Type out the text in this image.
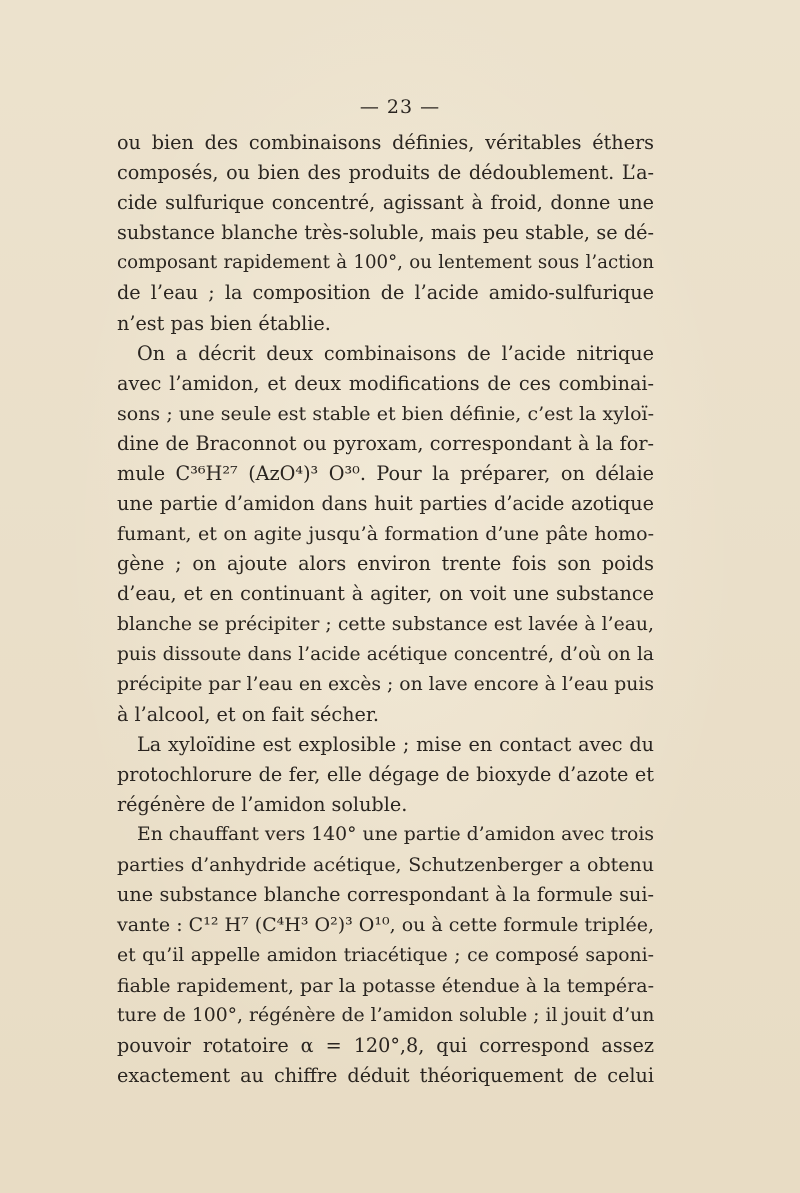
— 23 —
ou bien des combinaisons définies, véritables éthers
composés, ou bien des produits de dédoublement. L’a-
cide sulfurique concentré, agissant à froid, donne une
substance blanche très-soluble, mais peu stable, se dé-
composant rapidement à 100°, ou lentement sous l’action
de l’eau ; la composition de l’acide amido-sulfurique
n’est pas bien établie.
On a décrit deux combinaisons de l’acide nitrique
avec l’amidon, et deux modifications de ces combinai-
sons ; une seule est stable et bien définie, c’est la xyloï-
dine de Braconnot ou pyroxam, correspondant à la for-
mule C³⁶H²⁷ (AzO⁴)³ O³⁰. Pour la préparer, on délaie
une partie d’amidon dans huit parties d’acide azotique
fumant, et on agite jusqu’à formation d’une pâte homo-
gène ; on ajoute alors environ trente fois son poids
d’eau, et en continuant à agiter, on voit une substance
blanche se précipiter ; cette substance est lavée à l’eau,
puis dissoute dans l’acide acétique concentré, d’où on la
précipite par l’eau en excès ; on lave encore à l’eau puis
à l’alcool, et on fait sécher.
La xyloïdine est explosible ; mise en contact avec du
protochlorure de fer, elle dégage de bioxyde d’azote et
régénère de l’amidon soluble.
En chauffant vers 140° une partie d’amidon avec trois
parties d’anhydride acétique, Schutzenberger a obtenu
une substance blanche correspondant à la formule sui-
vante : C¹² H⁷ (C⁴H³ O²)³ O¹⁰, ou à cette formule triplée,
et qu’il appelle amidon triacétique ; ce composé saponi-
fiable rapidement, par la potasse étendue à la tempéra-
ture de 100°, régénère de l’amidon soluble ; il jouit d’un
pouvoir rotatoire α = 120°,8, qui correspond assez
exactement au chiffre déduit théoriquement de celui
